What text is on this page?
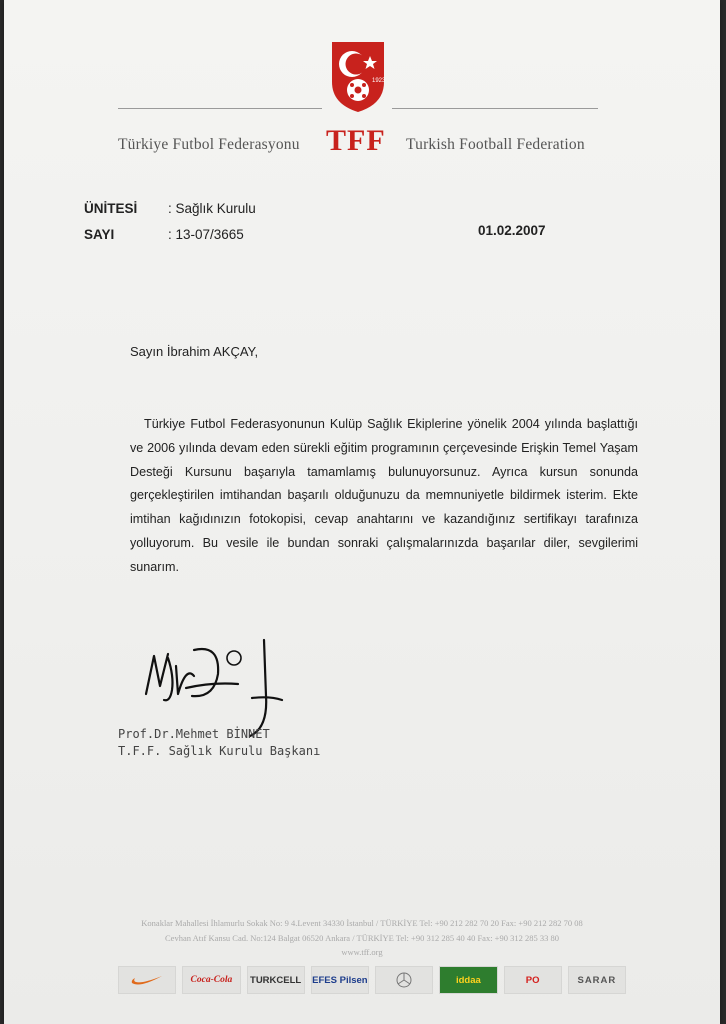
1923
Türkiye Futbol Federasyonu TFF Turkish Football Federation
ÜNİTESİ : Sağlık Kurulu
SAYI	: 13-07/3665	01.02.2007
Sayın İbrahim AKÇAY,

Türkiye Futbol Federasyonunun Kulüp Sağlık Ekiplerine yönelik 2004 yılında başlattığı ve 2006 yılında devam eden sürekli eğitim programının çerçevesinde Erişkin Temel Yaşam Desteği Kursunu başarıyla tamamlamış bulunuyorsunuz. Ayrıca kursun sonunda gerçekleştirilen imtihandan başarılı olduğunuzu da memnuniyetle bildirmek isterim. Ekte imtihan kağıdınızın fotokopisi, cevap anahtarını ve kazandığınız sertifikayı tarafınıza yolluyorum. Bu vesile ile bundan sonraki çalışmalarınızda başarılar diler, sevgilerimi sunarım.

Prof.Dr.Mehmet BİNNET
T.F.F. Sağlık Kurulu Başkanı
Konaklar Mahallesi İhlamurlu Sokak No: 9 4.Levent 34330 İstanbul / TÜRKİYE Tel: +90 212 282 70 20 Fax: +90 212 282 70 08
Cevhan Atıf Kansu Cad. No:124 Balgat 06520 Ankara / TÜRKİYE Tel: +90 312 285 40 40 Fax: +90 312 285 33 80
www.tff.org
Coca-Cola	TURKCELL	EFES Pilsen	iddaa	PO	SARAR
